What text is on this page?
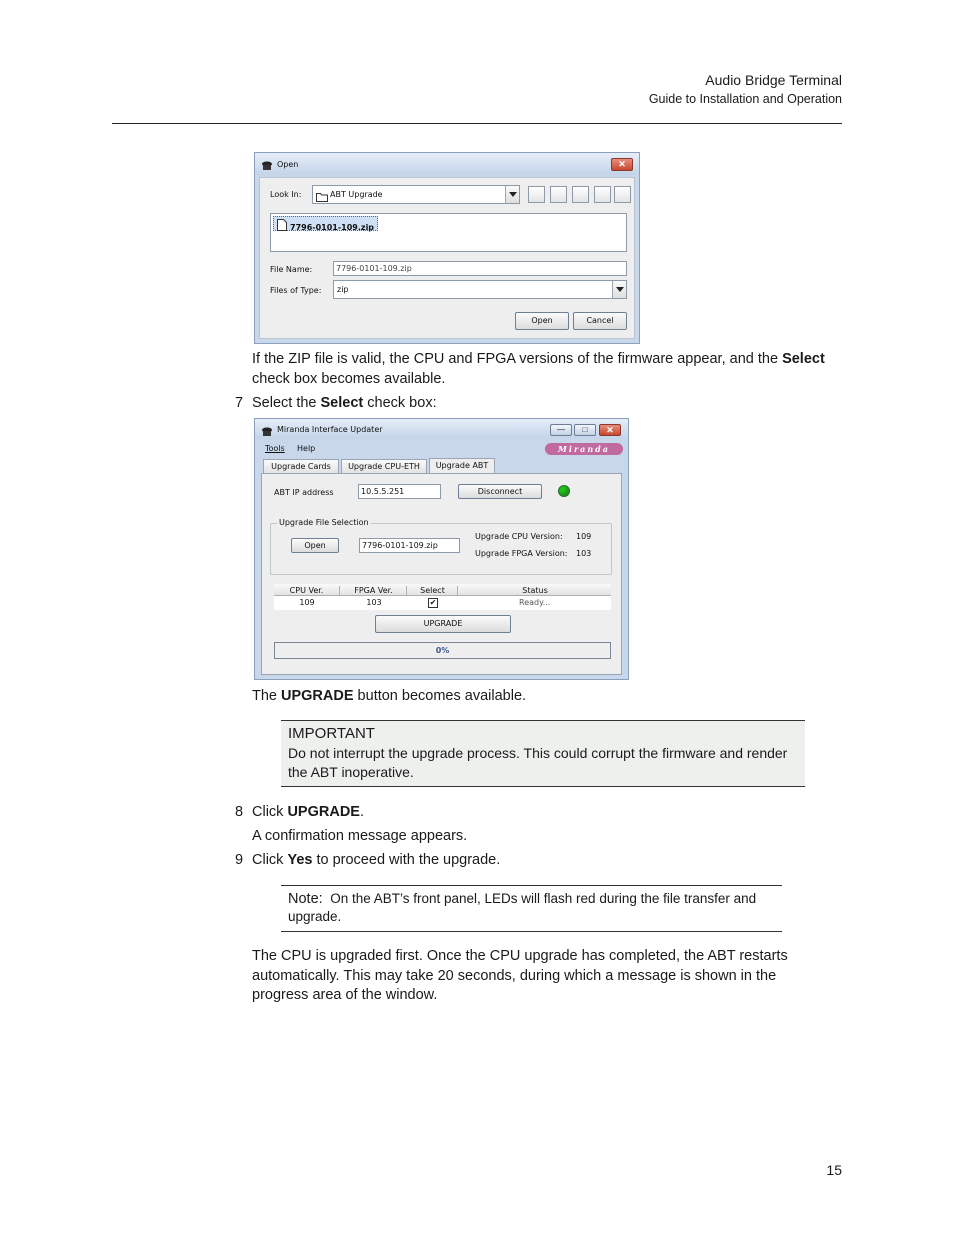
Audio Bridge Terminal
Guide to Installation and Operation
Open	✕
Look In:	ABT Upgrade
7796-0101-109.zip
File Name:	7796-0101-109.zip
Files of Type: zip
Open	Cancel
If the ZIP file is valid, the CPU and FPGA versions of the firmware appear, and the Select
check box becomes available.
7 Select the Select check box:
Miranda Interface Updater	—	□	✕
Tools Help	Miranda
Upgrade Cards	Upgrade CPU-ETH	Upgrade ABT
ABT IP address	10.5.5.251	Disconnect
Upgrade File Selection
Open	7796-0101-109.zip
Upgrade CPU Version: 109
Upgrade FPGA Version: 103
CPU Ver.	FPGA Ver.	Select	Status
109	103	✔	Ready...
UPGRADE
0%
The UPGRADE button becomes available.
IMPORTANT
Do not interrupt the upgrade process. This could corrupt the firmware and render the ABT inoperative.
8 Click UPGRADE.
A confirmation message appears.
9 Click Yes to proceed with the upgrade.
Note: On the ABT’s front panel, LEDs will flash red during the file transfer and upgrade.
The CPU is upgraded first. Once the CPU upgrade has completed, the ABT restarts automatically. This may take 20 seconds, during which a message is shown in the progress area of the window.
15
